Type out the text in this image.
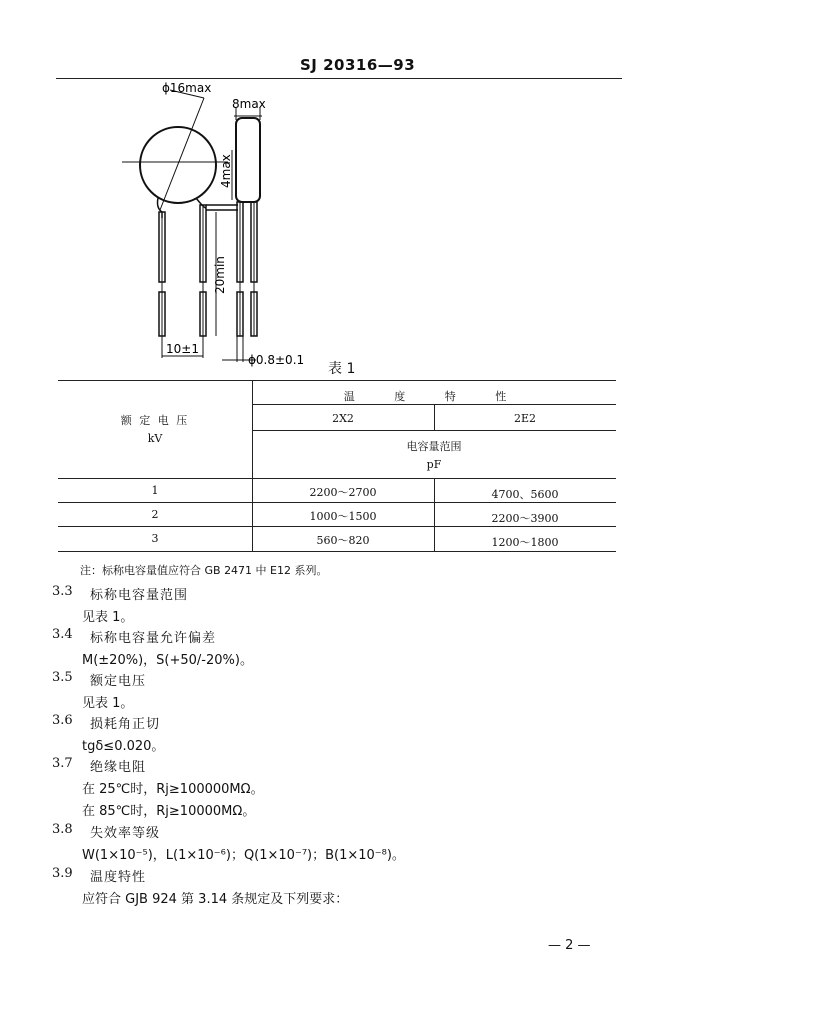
SJ 20316—93
ϕ16max
20min
8max
4max
10±1
ϕ0.8±0.1
表 1
额 定 电 压
kV
温 度 特 性
2X2	2E2
电容量范围
pF
1	2200～2700	4700、5600
2	1000～1500	2200～3900
3	560～820	1200～1800
注：标称电容量值应符合 GB 2471 中 E12 系列。
3.3 标称电容量范围
见表 1。
3.4 标称电容量允许偏差
M(±20%)，S(+50/-20%)。
3.5 额定电压
见表 1。
3.6 损耗角正切
tgδ≤0.020。
3.7 绝缘电阻
在 25℃时，Rj≥100000MΩ。
在 85℃时，Rj≥10000MΩ。
3.8 失效率等级
W(1×10⁻⁵)，L(1×10⁻⁶)；Q(1×10⁻⁷)；B(1×10⁻⁸)。
3.9 温度特性
应符合 GJB 924 第 3.14 条规定及下列要求：
— 2 —
